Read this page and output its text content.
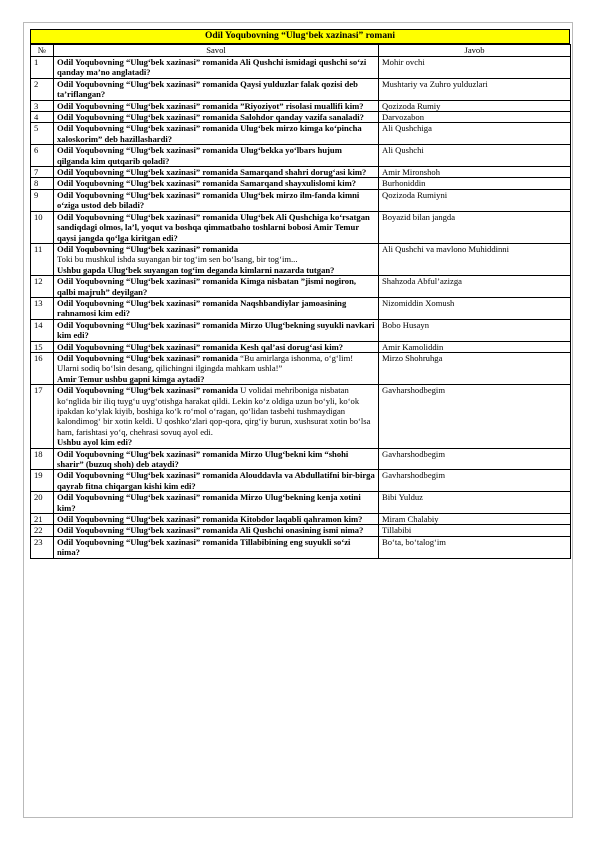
Odil Yoqubovning “Ulug‘bek xazinasi” romani
№	Savol	Javob
1	Odil Yoqubovning “Ulug‘bek xazinasi” romanida Ali Qushchi ismidagi qushchi so‘zi qanday ma’no anglatadi?	Mohir ovchi
2	Odil Yoqubovning “Ulug‘bek xazinasi” romanida Qaysi yulduzlar falak qozisi deb ta’riflangan?	Mushtariy va Zuhro yulduzlari
3	Odil Yoqubovning “Ulug‘bek xazinasi” romanida ”Riyoziyot” risolasi muallifi kim?	Qozizoda Rumiy
4	Odil Yoqubovning “Ulug‘bek xazinasi” romanida Salohdor qanday vazifa sanaladi?	Darvozabon
5	Odil Yoqubovning “Ulug‘bek xazinasi” romanida Ulug‘bek mirzo kimga ko‘pincha xaloskorim” deb hazillashardi?	Ali Qushchiga
6	Odil Yoqubovning “Ulug‘bek xazinasi” romanida Ulug‘bekka yo‘lbars hujum qilganda kim qutqarib qoladi?	Ali Qushchi
7	Odil Yoqubovning “Ulug‘bek xazinasi” romanida Samarqand shahri dorug‘asi kim?	Amir Mironshoh
8	Odil Yoqubovning “Ulug‘bek xazinasi” romanida Samarqand shayxulislomi kim?	Burhoniddin
9	Odil Yoqubovning “Ulug‘bek xazinasi” romanida Ulug‘bek mirzo ilm-fanda kimni o‘ziga ustod deb biladi?	Qozizoda Rumiyni
10	Odil Yoqubovning “Ulug‘bek xazinasi” romanida Ulug‘bek Ali Qushchiga ko‘rsatgan sandiqdagi olmos, la’l, yoqut va boshqa qimmatbaho toshlarni bobosi Amir Temur qaysi jangda qo‘lga kiritgan edi?	Boyazid bilan jangda
11	Odil Yoqubovning “Ulug‘bek xazinasi” romanida
Toki bu mushkul ishda suyangan bir tog‘im sen bo‘lsang, bir tog‘im...
Ushbu gapda Ulug‘bek suyangan tog‘im deganda kimlarni nazarda tutgan?	Ali Qushchi va mavlono Muhiddinni
12	Odil Yoqubovning “Ulug‘bek xazinasi” romanida Kimga nisbatan ”jismi nogiron, qalbi majruh” deyilgan?	Shahzoda Abful’azizga
13	Odil Yoqubovning “Ulug‘bek xazinasi” romanida Naqshbandiylar jamoasining rahnamosi kim edi?	Nizomiddin Xomush
14	Odil Yoqubovning “Ulug‘bek xazinasi” romanida Mirzo Ulug‘bekning suyukli navkari kim edi?	Bobo Husayn
15	Odil Yoqubovning “Ulug‘bek xazinasi” romanida Kesh qal’asi dorug‘asi kim?	Amir Kamoliddin
16	Odil Yoqubovning “Ulug‘bek xazinasi” romanida “Bu amirlarga ishonma, o‘g‘lim! Ularni sodiq bo‘lsin desang, qilichingni ilgingda mahkam ushla!”
Amir Temur ushbu gapni kimga aytadi?	Mirzo Shohruhga
17	Odil Yoqubovning “Ulug‘bek xazinasi” romanida U volidai mehriboniga nisbatan ko‘nglida bir iliq tuyg‘u uyg‘otishga harakat qildi. Lekin ko‘z oldiga uzun bo‘yli, ko‘ok ipakdan ko‘ylak kiyib, boshiga ko‘k ro‘mol o‘ragan, qo‘lidan tasbehi tushmaydigan kalondimog‘ bir xotin keldi. U qoshko‘zlari qop-qora, qirg‘iy burun, xushsurat xotin bo‘lsa ham, farishtasi yo‘q, chehrasi sovuq ayol edi.
Ushbu ayol kim edi?	Gavharshodbegim
18	Odil Yoqubovning “Ulug‘bek xazinasi” romanida Mirzo Ulug‘bekni kim “shohi sharir” (buzuq shoh) deb ataydi?	Gavharshodbegim
19	Odil Yoqubovning “Ulug‘bek xazinasi” romanida Alouddavla va Abdullatifni bir-birga qayrab fitna chiqargan kishi kim edi?	Gavharshodbegim
20	Odil Yoqubovning “Ulug‘bek xazinasi” romanida Mirzo Ulug‘bekning kenja xotini kim?	Bibi Yulduz
21	Odil Yoqubovning “Ulug‘bek xazinasi” romanida Kitobdor laqabli qahramon kim?	Miram Chalabiy
22	Odil Yoqubovning “Ulug‘bek xazinasi” romanida Ali Qushchi onasining ismi nima?	Tillabibi
23	Odil Yoqubovning “Ulug‘bek xazinasi” romanida Tillabibining eng suyukli so‘zi nima?	Bo‘ta, bo‘talog‘im
